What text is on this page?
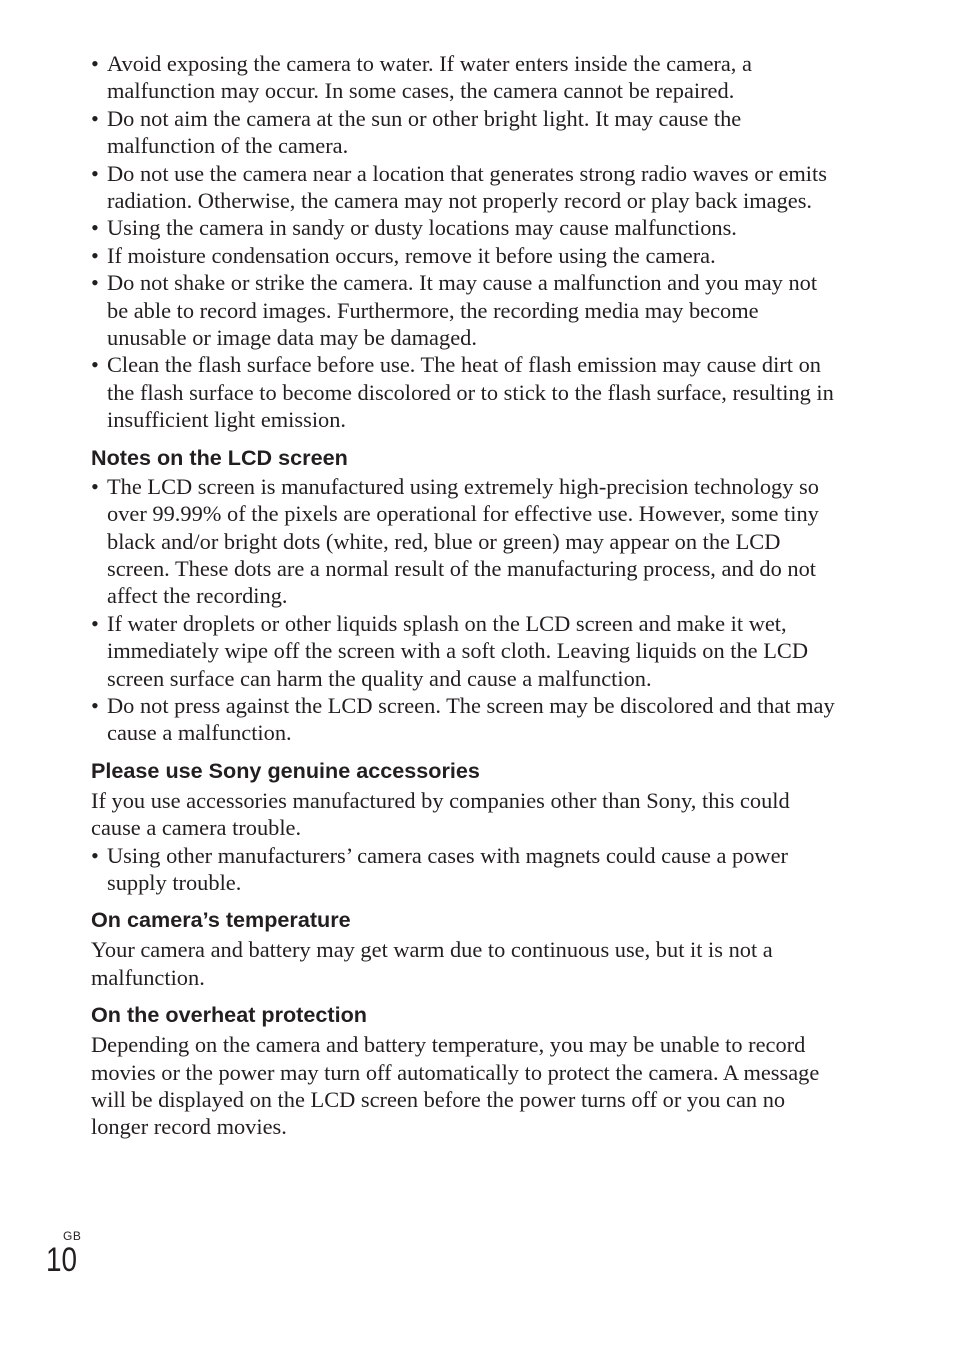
• Avoid exposing the camera to water. If water enters inside the camera, a malfunction may occur. In some cases, the camera cannot be repaired.
• Do not aim the camera at the sun or other bright light. It may cause the malfunction of the camera.
• Do not use the camera near a location that generates strong radio waves or emits radiation. Otherwise, the camera may not properly record or play back images.
• Using the camera in sandy or dusty locations may cause malfunctions.
• If moisture condensation occurs, remove it before using the camera.
• Do not shake or strike the camera. It may cause a malfunction and you may not be able to record images. Furthermore, the recording media may become unusable or image data may be damaged.
• Clean the flash surface before use. The heat of flash emission may cause dirt on the flash surface to become discolored or to stick to the flash surface, resulting in insufficient light emission.
Notes on the LCD screen
• The LCD screen is manufactured using extremely high-precision technology so over 99.99% of the pixels are operational for effective use. However, some tiny black and/or bright dots (white, red, blue or green) may appear on the LCD screen. These dots are a normal result of the manufacturing process, and do not affect the recording.
• If water droplets or other liquids splash on the LCD screen and make it wet, immediately wipe off the screen with a soft cloth. Leaving liquids on the LCD screen surface can harm the quality and cause a malfunction.
• Do not press against the LCD screen. The screen may be discolored and that may cause a malfunction.
Please use Sony genuine accessories

If you use accessories manufactured by companies other than Sony, this could cause a camera trouble.

• Using other manufacturers’ camera cases with magnets could cause a power supply trouble.
On camera’s temperature

Your camera and battery may get warm due to continuous use, but it is not a malfunction.

On the overheat protection

Depending on the camera and battery temperature, you may be unable to record movies or the power may turn off automatically to protect the camera. A message will be displayed on the LCD screen before the power turns off or you can no longer record movies.

GB
10
